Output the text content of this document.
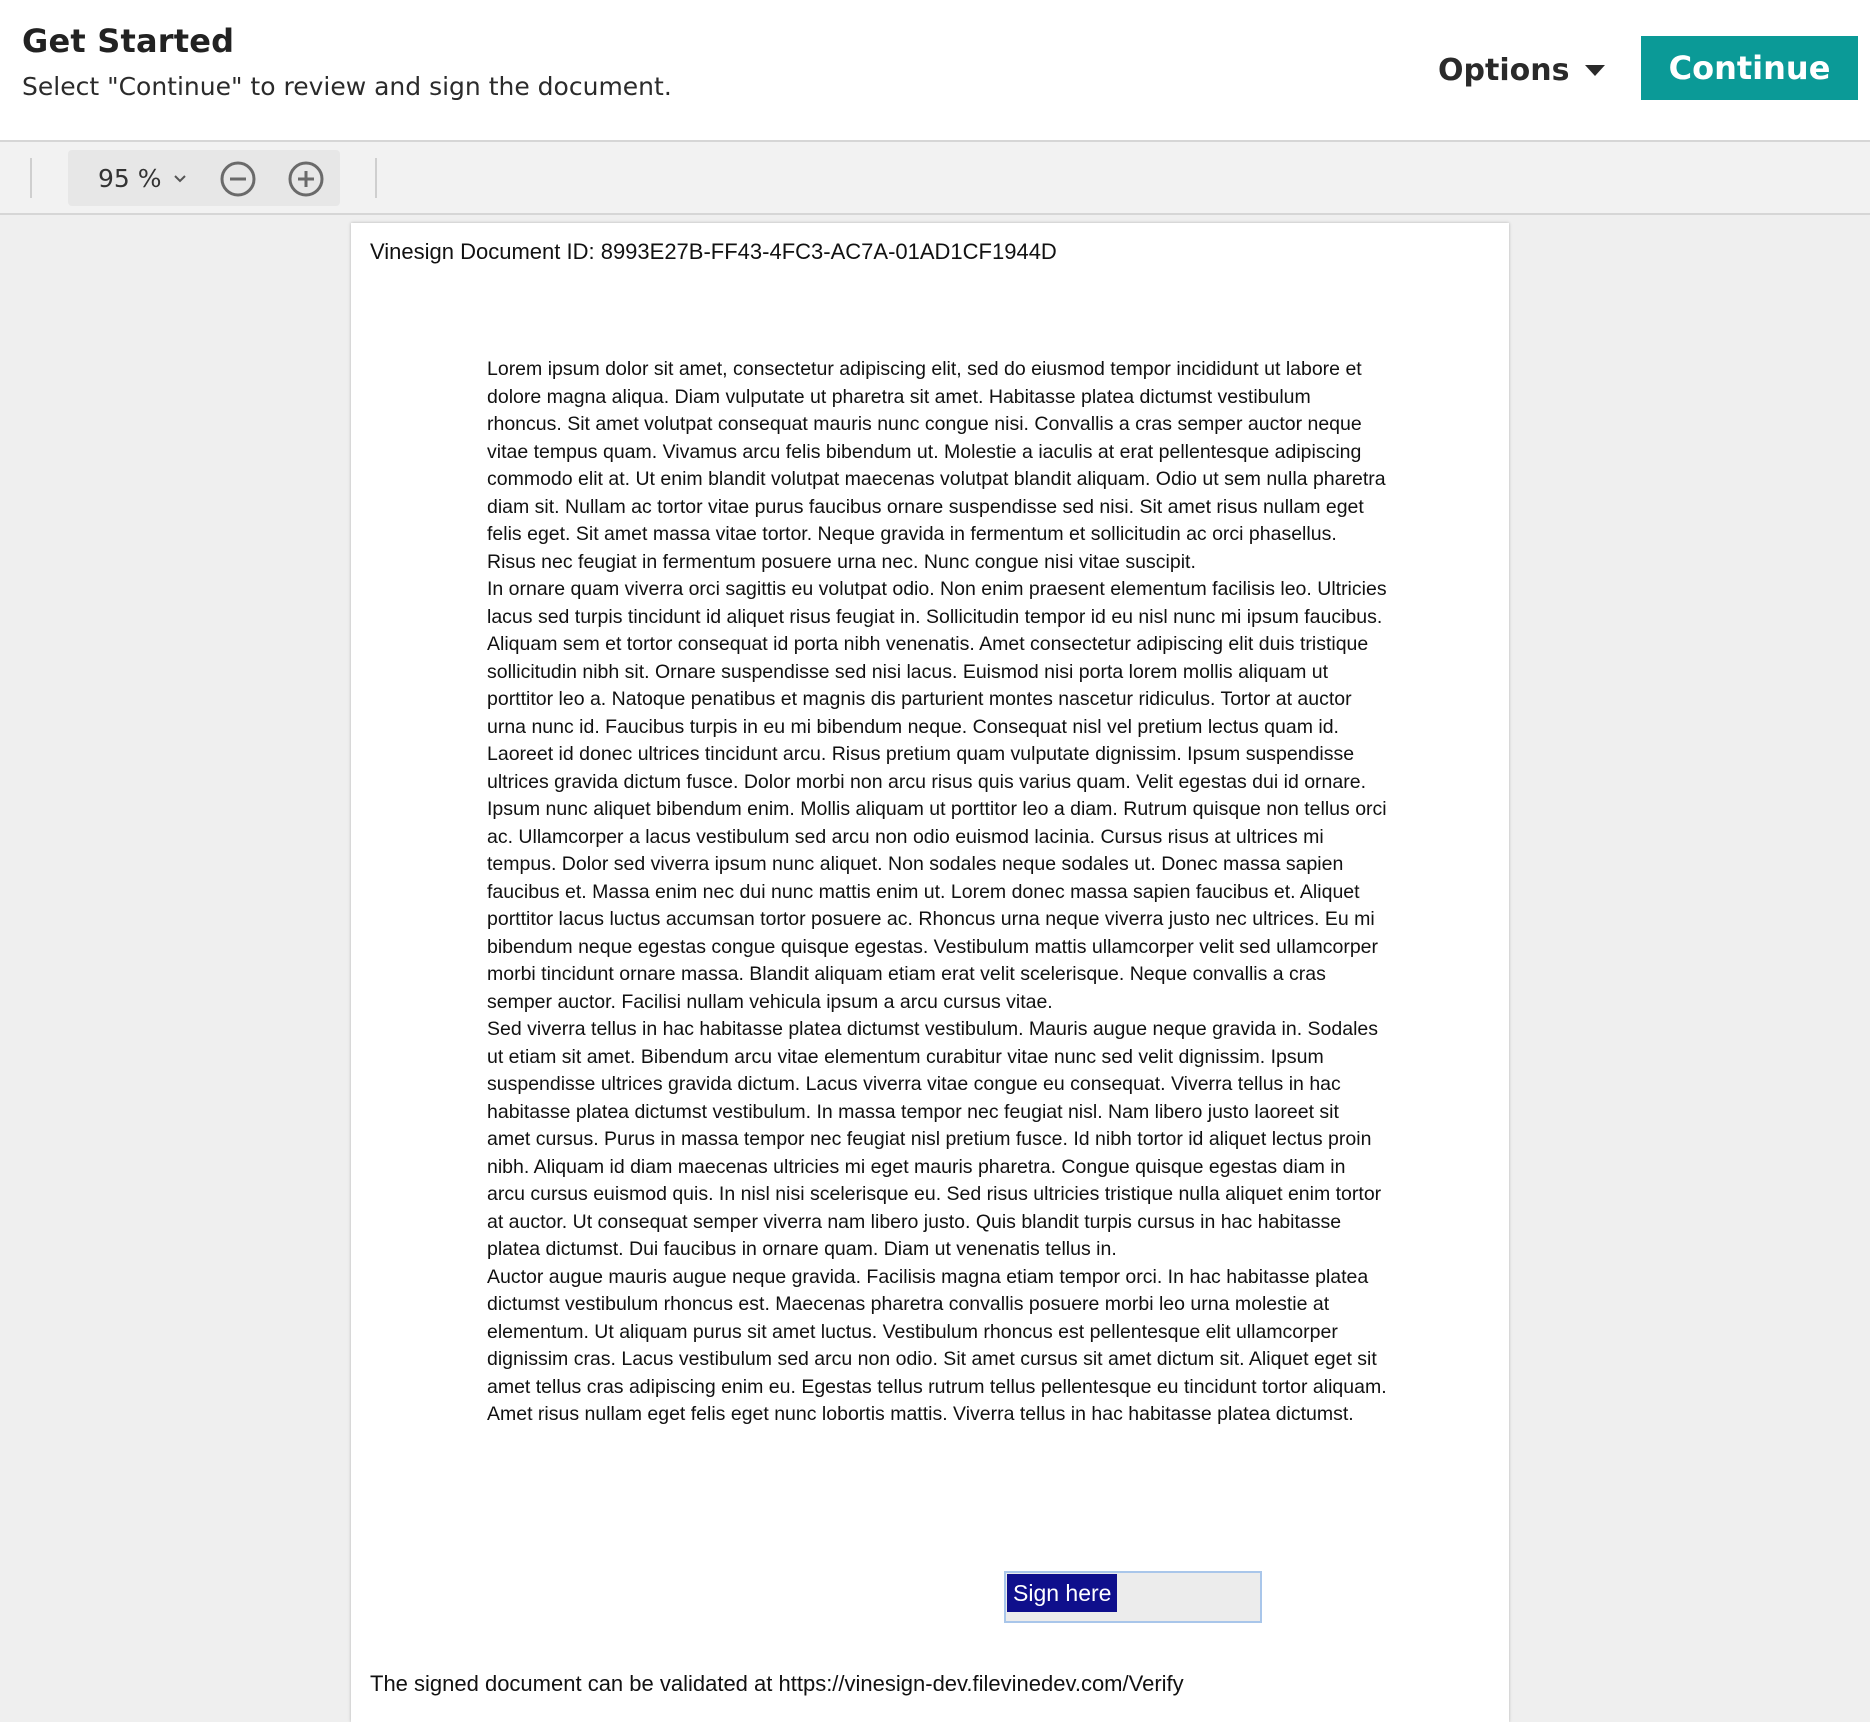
Get Started
Select "Continue" to review and sign the document.	Options	Continue
95 %
Vinesign Document ID: 8993E27B-FF43-4FC3-AC7A-01AD1CF1944D

Lorem ipsum dolor sit amet, consectetur adipiscing elit, sed do eiusmod tempor incididunt ut labore et dolore magna aliqua. Diam vulputate ut pharetra sit amet. Habitasse platea dictumst vestibulum rhoncus. Sit amet volutpat consequat mauris nunc congue nisi. Convallis a cras semper auctor neque vitae tempus quam. Vivamus arcu felis bibendum ut. Molestie a iaculis at erat pellentesque adipiscing commodo elit at. Ut enim blandit volutpat maecenas volutpat blandit aliquam. Odio ut sem nulla pharetra diam sit. Nullam ac tortor vitae purus faucibus ornare suspendisse sed nisi. Sit amet risus nullam eget felis eget. Sit amet massa vitae tortor. Neque gravida in fermentum et sollicitudin ac orci phasellus. Risus nec feugiat in fermentum posuere urna nec. Nunc congue nisi vitae suscipit.

In ornare quam viverra orci sagittis eu volutpat odio. Non enim praesent elementum facilisis leo. Ultricies lacus sed turpis tincidunt id aliquet risus feugiat in. Sollicitudin tempor id eu nisl nunc mi ipsum faucibus. Aliquam sem et tortor consequat id porta nibh venenatis. Amet consectetur adipiscing elit duis tristique sollicitudin nibh sit. Ornare suspendisse sed nisi lacus. Euismod nisi porta lorem mollis aliquam ut porttitor leo a. Natoque penatibus et magnis dis parturient montes nascetur ridiculus. Tortor at auctor urna nunc id. Faucibus turpis in eu mi bibendum neque. Consequat nisl vel pretium lectus quam id. Laoreet id donec ultrices tincidunt arcu. Risus pretium quam vulputate dignissim. Ipsum suspendisse ultrices gravida dictum fusce. Dolor morbi non arcu risus quis varius quam. Velit egestas dui id ornare. Ipsum nunc aliquet bibendum enim. Mollis aliquam ut porttitor leo a diam. Rutrum quisque non tellus orci ac. Ullamcorper a lacus vestibulum sed arcu non odio euismod lacinia. Cursus risus at ultrices mi tempus. Dolor sed viverra ipsum nunc aliquet. Non sodales neque sodales ut. Donec massa sapien faucibus et. Massa enim nec dui nunc mattis enim ut. Lorem donec massa sapien faucibus et. Aliquet porttitor lacus luctus accumsan tortor posuere ac. Rhoncus urna neque viverra justo nec ultrices. Eu mi bibendum neque egestas congue quisque egestas. Vestibulum mattis ullamcorper velit sed ullamcorper morbi tincidunt ornare massa. Blandit aliquam etiam erat velit scelerisque. Neque convallis a cras semper auctor. Facilisi nullam vehicula ipsum a arcu cursus vitae.

Sed viverra tellus in hac habitasse platea dictumst vestibulum. Mauris augue neque gravida in. Sodales ut etiam sit amet. Bibendum arcu vitae elementum curabitur vitae nunc sed velit dignissim. Ipsum suspendisse ultrices gravida dictum. Lacus viverra vitae congue eu consequat. Viverra tellus in hac habitasse platea dictumst vestibulum. In massa tempor nec feugiat nisl. Nam libero justo laoreet sit amet cursus. Purus in massa tempor nec feugiat nisl pretium fusce. Id nibh tortor id aliquet lectus proin nibh. Aliquam id diam maecenas ultricies mi eget mauris pharetra. Congue quisque egestas diam in arcu cursus euismod quis. In nisl nisi scelerisque eu. Sed risus ultricies tristique nulla aliquet enim tortor at auctor. Ut consequat semper viverra nam libero justo. Quis blandit turpis cursus in hac habitasse platea dictumst. Dui faucibus in ornare quam. Diam ut venenatis tellus in.

Auctor augue mauris augue neque gravida. Facilisis magna etiam tempor orci. In hac habitasse platea dictumst vestibulum rhoncus est. Maecenas pharetra convallis posuere morbi leo urna molestie at elementum. Ut aliquam purus sit amet luctus. Vestibulum rhoncus est pellentesque elit ullamcorper dignissim cras. Lacus vestibulum sed arcu non odio. Sit amet cursus sit amet dictum sit. Aliquet eget sit amet tellus cras adipiscing enim eu. Egestas tellus rutrum tellus pellentesque eu tincidunt tortor aliquam. Amet risus nullam eget felis eget nunc lobortis mattis. Viverra tellus in hac habitasse platea dictumst.

Sign here
The signed document can be validated at https://vinesign-dev.filevinedev.com/Verify
